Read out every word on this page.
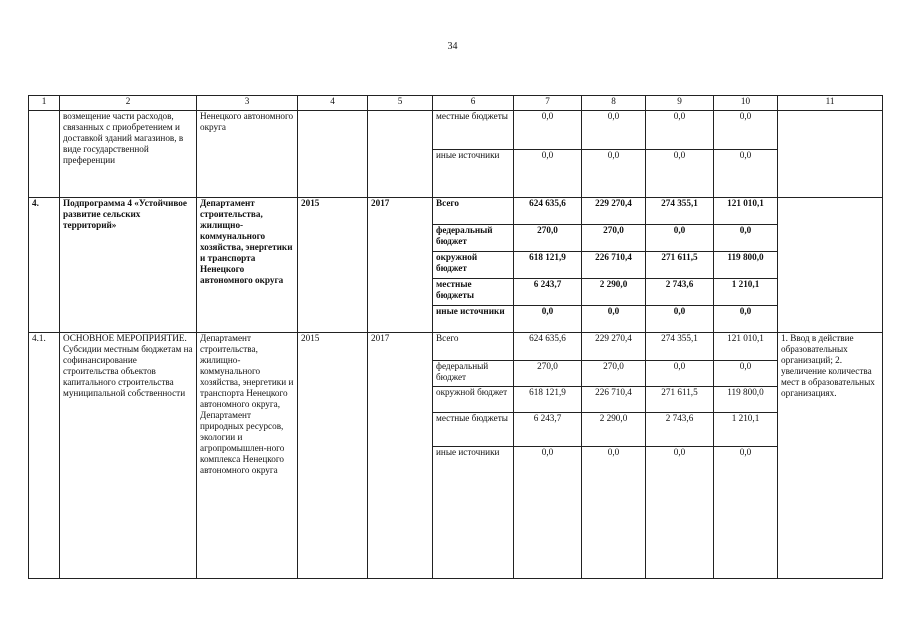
34
1	2	3	4	5	6	7	8	9	10	11
	возмещение части расходов, связанных с приобретением и доставкой зданий магазинов, в виде государственной преференции	Ненецкого автономного округа			местные бюджеты	0,0	0,0	0,0	0,0	
					иные источники	0,0	0,0	0,0	0,0	
4.	Подпрограмма 4 «Устойчивое развитие сельских территорий»	Департамент строительства, жилищно-коммунального хозяйства, энергетики и транспорта Ненецкого автономного округа	2015	2017	Всего	624 635,6	229 270,4	274 355,1	121 010,1	
					федеральный бюджет	270,0	270,0	0,0	0,0	
					окружной бюджет	618 121,9	226 710,4	271 611,5	119 800,0	
					местные бюджеты	6 243,7	2 290,0	2 743,6	1 210,1	
					иные источники	0,0	0,0	0,0	0,0	
4.1.	ОСНОВНОЕ МЕРОПРИЯТИЕ. Субсидии местным бюджетам на софинансирование строительства объектов капитального строительства муниципальной собственности	Департамент строительства, жилищно-коммунального хозяйства, энергетики и транспорта Ненецкого автономного округа, Департамент природных ресурсов, экологии и агропромышлен-ного комплекса Ненецкого автономного округа	2015	2017	Всего	624 635,6	229 270,4	274 355,1	121 010,1	1. Ввод в действие образовательных организаций; 2. увеличение количества мест в образовательных организациях.
					федеральный бюджет	270,0	270,0	0,0	0,0	
					окружной бюджет	618 121,9	226 710,4	271 611,5	119 800,0	
					местные бюджеты	6 243,7	2 290,0	2 743,6	1 210,1	
					иные источники	0,0	0,0	0,0	0,0	
